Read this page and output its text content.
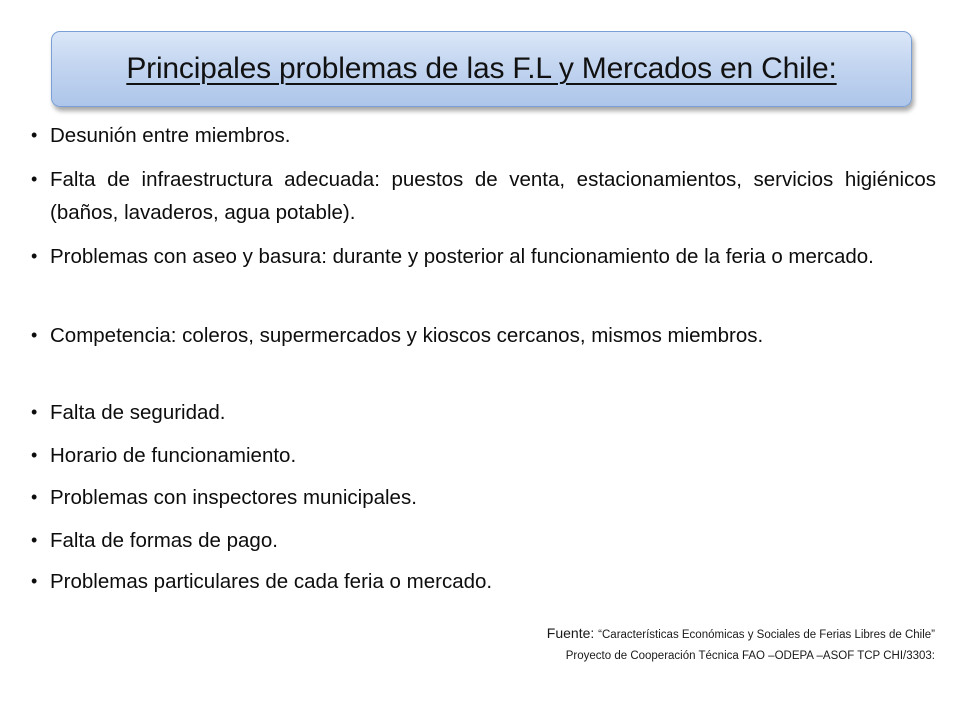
Principales problemas de las F.L y Mercados en Chile:
• Desunión entre miembros.
• Falta de infraestructura adecuada: puestos de venta, estacionamientos, servicios higiénicos (baños, lavaderos, agua potable).
• Problemas con aseo y basura: durante y posterior al funcionamiento de la feria o mercado.
• Competencia: coleros, supermercados y kioscos cercanos, mismos miembros.
• Falta de seguridad.
• Horario de funcionamiento.
• Problemas con inspectores municipales.
• Falta de formas de pago.
• Problemas particulares de cada feria o mercado.
Fuente: “Características Económicas y Sociales de Ferias Libres de Chile”
Proyecto de Cooperación Técnica FAO –ODEPA –ASOF TCP CHI/3303:
